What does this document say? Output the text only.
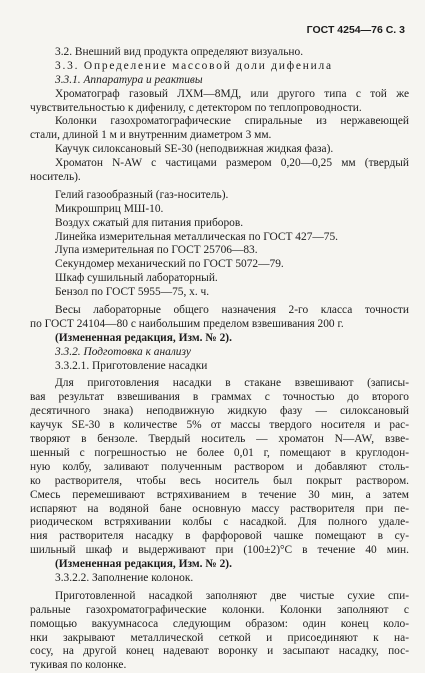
ГОСТ 4254—76 С. 3
3.2. Внешний вид продукта определяют визуально.
3.3. Определение массовой доли дифенила
3.3.1. Аппаратура и реактивы
Хроматограф газовый ЛХМ—8МД, или другого типа с той же
чувствительностью к дифенилу, с детектором по теплопроводности.
Колонки газохроматографические спиральные из нержавеющей
стали, длиной 1 м и внутренним диаметром 3 мм.
Каучук силоксановый SE-30 (неподвижная жидкая фаза).
Хроматон N-AW с частицами размером 0,20—0,25 мм (твердый
носитель).
Гелий газообразный (газ-носитель).
Микрошприц МШ-10.
Воздух сжатый для питания приборов.
Линейка измерительная металлическая по ГОСТ 427—75.
Лупа измерительная по ГОСТ 25706—83.
Секундомер механический по ГОСТ 5072—79.
Шкаф сушильный лабораторный.
Бензол по ГОСТ 5955—75, х. ч.
Весы лабораторные общего назначения 2-го класса точности
по ГОСТ 24104—80 с наибольшим пределом взвешивания 200 г.
(Измененная редакция, Изм. № 2).
3.3.2. Подготовка к анализу
3.3.2.1. Приготовление насадки
Для приготовления насадки в стакане взвешивают (записы-
вая результат взвешивания в граммах с точностью до второго
десятичного знака) неподвижную жидкую фазу — силоксановый
каучук SE-30 в количестве 5% от массы твердого носителя и рас-
творяют в бензоле. Твердый носитель — хроматон N—AW, взве-
шенный с погрешностью не более 0,01 г, помещают в круглодон-
ную колбу, заливают полученным раствором и добавляют столь-
ко растворителя, чтобы весь носитель был покрыт раствором.
Смесь перемешивают встряхиванием в течение 30 мин, а затем
испаряют на водяной бане основную массу растворителя при пе-
риодическом встряхивании колбы с насадкой. Для полного удале-
ния растворителя насадку в фарфоровой чашке помещают в су-
шильный шкаф и выдерживают при (100±2)°С в течение 40 мин.
(Измененная редакция, Изм. № 2).
3.3.2.2. Заполнение колонок.
Приготовленной насадкой заполняют две чистые сухие спи-
ральные газохроматографические колонки. Колонки заполняют с
помощью вакуумнасоса следующим образом: один конец коло-
нки закрывают металлической сеткой и присоединяют к на-
сосу, на другой конец надевают воронку и засыпают насадку, пос-
тукивая по колонке.
